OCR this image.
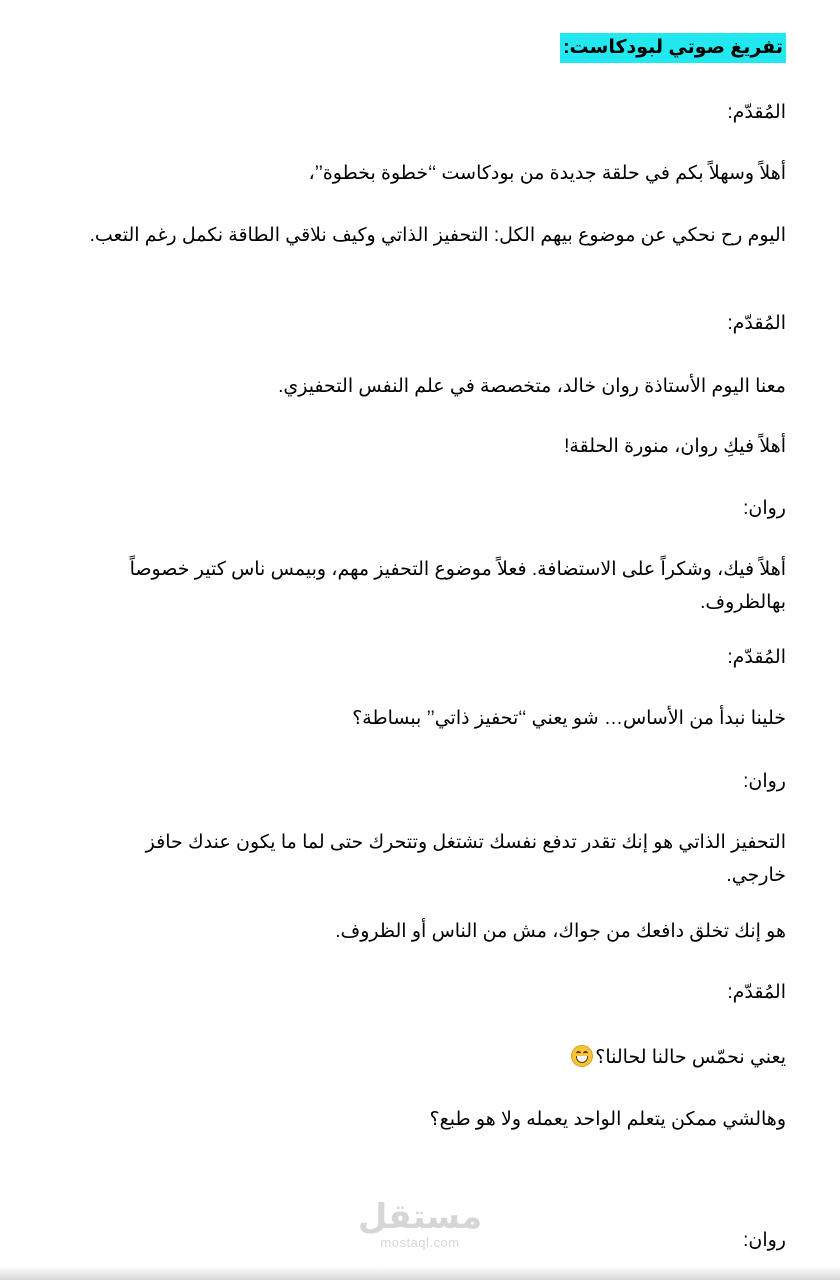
تفريغ صوتي لبودكاست:
المُقدّم:
أهلاً وسهلاً بكم في حلقة جديدة من بودكاست ‘‘خطوة بخطوة’’،
اليوم رح نحكي عن موضوع بيهم الكل: التحفيز الذاتي وكيف نلاقي الطاقة نكمل رغم التعب.
المُقدّم:
معنا اليوم الأستاذة روان خالد، متخصصة في علم النفس التحفيزي.
أهلاً فيكِ روان، منورة الحلقة!
روان:
أهلاً فيك، وشكراً على الاستضافة. فعلاً موضوع التحفيز مهم، وبيمس ناس كتير خصوصاً بهالظروف.
المُقدّم:
خلينا نبدأ من الأساس… شو يعني ‘‘تحفيز ذاتي’’ ببساطة؟
روان:
التحفيز الذاتي هو إنك تقدر تدفع نفسك تشتغل وتتحرك حتى لما ما يكون عندك حافز خارجي.
هو إنك تخلق دافعك من جواك، مش من الناس أو الظروف.
المُقدّم:
يعني نحمّس حالنا لحالنا؟
وهالشي ممكن يتعلم الواحد يعمله ولا هو طبع؟
روان:
مستقل
mostaql.com
